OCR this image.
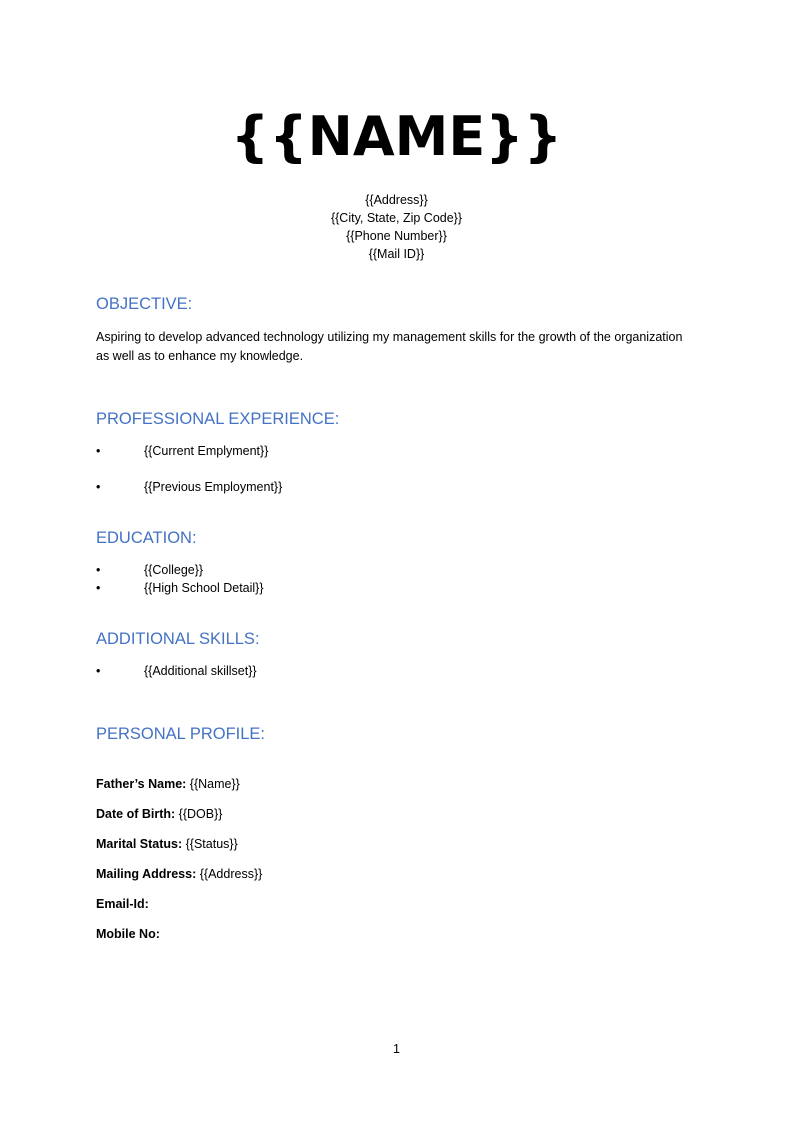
{{NAME}}
{{Address}}
{{City, State, Zip Code}}
{{Phone Number}}
{{Mail ID}}
OBJECTIVE:
Aspiring to develop advanced technology utilizing my management skills for the growth of the organization as well as to enhance my knowledge.
PROFESSIONAL EXPERIENCE:
•	{{Current Emplyment}}
•	{{Previous Employment}}
EDUCATION:
•	{{College}}
•	{{High School Detail}}
ADDITIONAL SKILLS:
•	{{Additional skillset}}
PERSONAL PROFILE:
Father’s Name: {{Name}}
Date of Birth: {{DOB}}
Marital Status: {{Status}}
Mailing Address: {{Address}}
Email-Id:
Mobile No:
1
